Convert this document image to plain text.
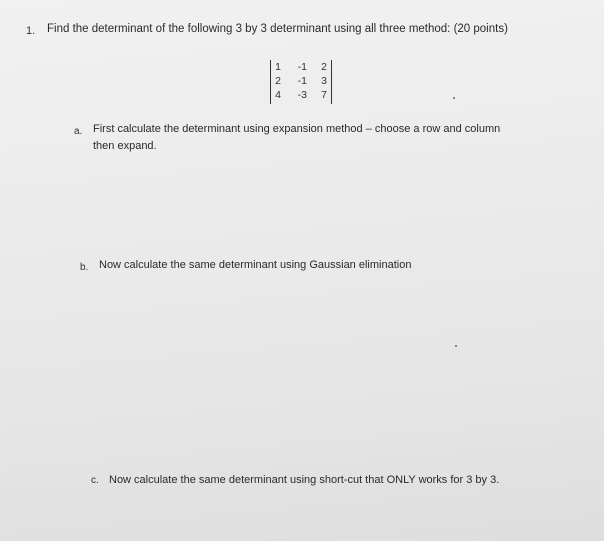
1. Find the determinant of the following 3 by 3 determinant using all three method: (20 points)
1	-1	2
2	-1	3
4	-3	7
a. First calculate the determinant using expansion method – choose a row and column
then expand.
b. Now calculate the same determinant using Gaussian elimination
c. Now calculate the same determinant using short-cut that ONLY works for 3 by 3.
